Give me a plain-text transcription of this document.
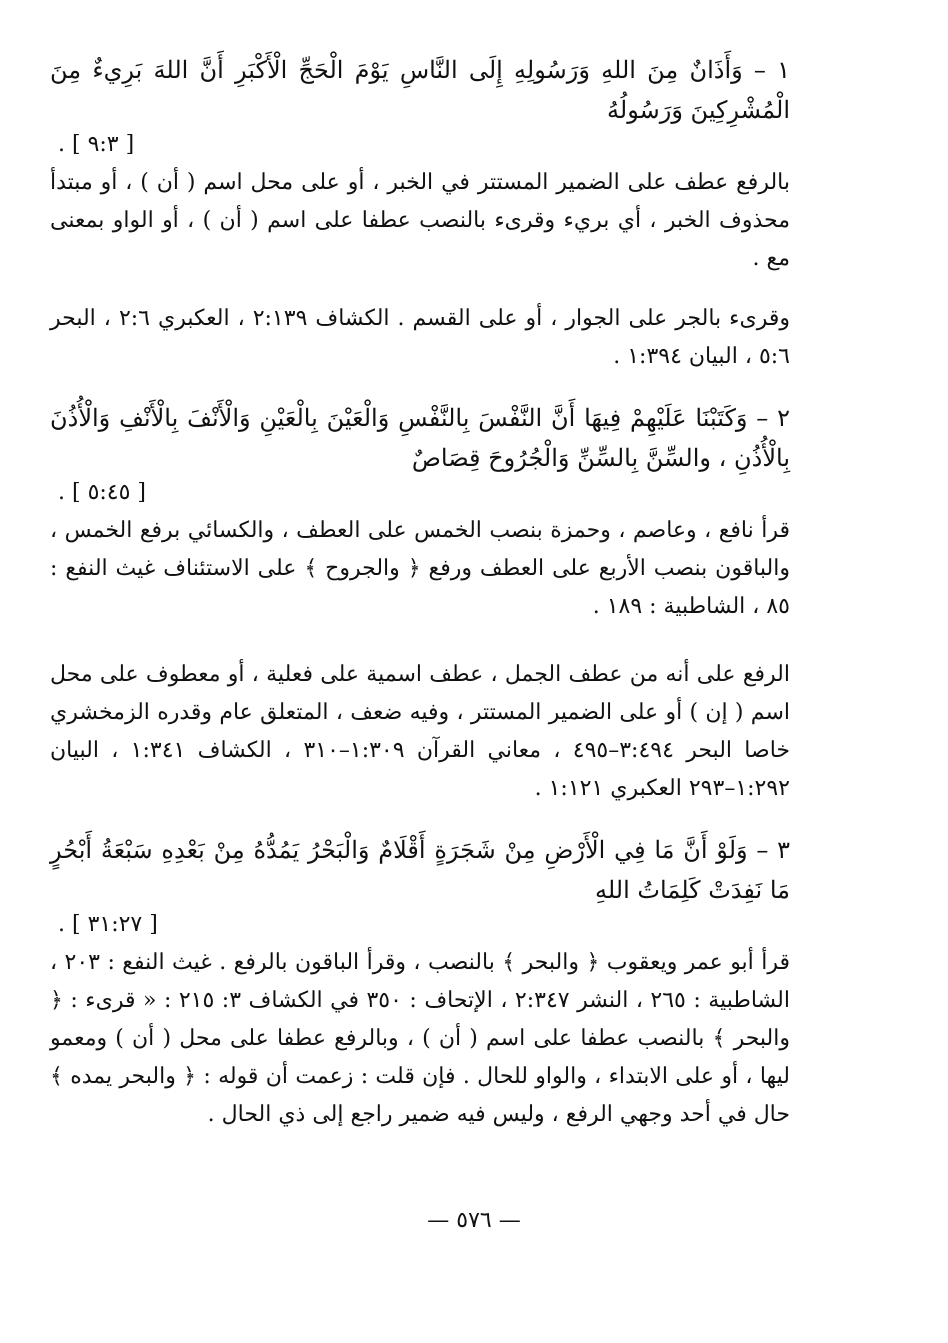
١ – وَأَذَانٌ مِنَ اللهِ وَرَسُولِهِ إِلَى النَّاسِ يَوْمَ الْحَجِّ الْأَكْبَرِ أَنَّ اللهَ بَرِيءٌ مِنَ الْمُشْرِكِينَ وَرَسُولُهُ

. [ ٩:٣ ]

بالرفع عطف على الضمير المستتر في الخبر ، أو على محل اسم ( أن ) ، أو مبتدأ محذوف الخبر ، أي بريء وقرىء بالنصب عطفا على اسم ( أن ) ، أو الواو بمعنى مع .

وقرىء بالجر على الجوار ، أو على القسم . الكشاف ٢:١٣٩ ، العكبري ٢:٦ ، البحر ٥:٦ ، البيان ١:٣٩٤ .

٢ – وَكَتَبْنَا عَلَيْهِمْ فِيهَا أَنَّ النَّفْسَ بِالنَّفْسِ وَالْعَيْنَ بِالْعَيْنِ وَالْأَنْفَ بِالْأَنْفِ وَالْأُذُنَ بِالْأُذُنِ ، والسِّنَّ بِالسِّنِّ وَالْجُرُوحَ قِصَاصٌ

. [ ٥:٤٥ ]

قرأ نافع ، وعاصم ، وحمزة بنصب الخمس على العطف ، والكسائي برفع الخمس ، والباقون بنصب الأربع على العطف ورفع ﴿ والجروح ﴾ على الاستئناف غيث النفع : ٨٥ ، الشاطبية : ١٨٩ .

الرفع على أنه من عطف الجمل ، عطف اسمية على فعلية ، أو معطوف على محل اسم ( إن ) أو على الضمير المستتر ، وفيه ضعف ، المتعلق عام وقدره الزمخشري خاصا البحر ٣:٤٩٤–٤٩٥ ، معاني القرآن ١:٣٠٩–٣١٠ ، الكشاف ١:٣٤١ ، البيان ١:٢٩٢–٢٩٣ العكبري ١:١٢١ .

٣ – وَلَوْ أَنَّ مَا فِي الْأَرْضِ مِنْ شَجَرَةٍ أَقْلَامٌ وَالْبَحْرُ يَمُدُّهُ مِنْ بَعْدِهِ سَبْعَةُ أَبْحُرٍ مَا نَفِدَتْ كَلِمَاتُ اللهِ

. [ ٣١:٢٧ ]

قرأ أبو عمر ويعقوب ﴿ والبحر ﴾ بالنصب ، وقرأ الباقون بالرفع . غيث النفع : ٢٠٣ ، الشاطبية : ٢٦٥ ، النشر ٢:٣٤٧ ، الإتحاف : ٣٥٠ في الكشاف ٣: ٢١٥ : « قرىء : ﴿ والبحر ﴾ بالنصب عطفا على اسم ( أن ) ، وبالرفع عطفا على محل ( أن ) ومعمو ليها ، أو على الابتداء ، والواو للحال . فإن قلت : زعمت أن قوله : ﴿ والبحر يمده ﴾ حال في أحد وجهي الرفع ، وليس فيه ضمير راجع إلى ذي الحال .

— ٥٧٦ —
